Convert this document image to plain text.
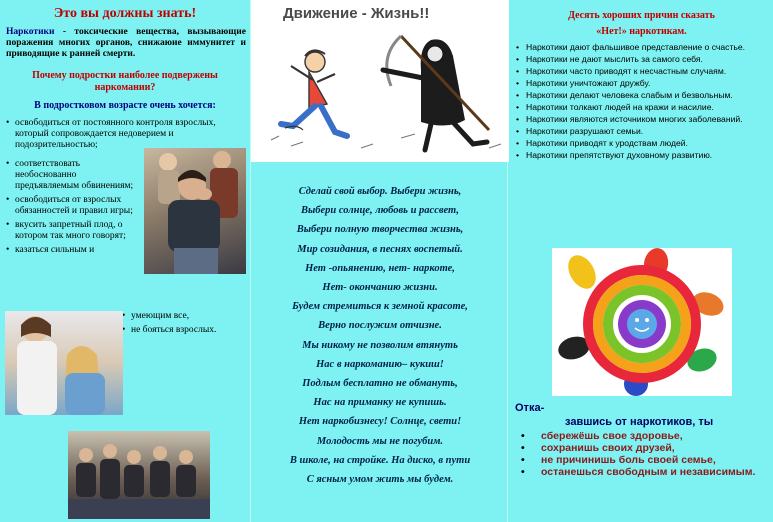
Это вы должны знать!
Наркотики - токсические вещества, вызывающие поражения многих органов, снижаюие иммунитет и приводящие к ранней смерти.
Почему подростки наиболее подвержены наркомании?
В подростковом возрасте очень хочется:
• освободиться от постоянного контроля взрослых, который сопровождается недоверием и подозрительностью;
• соответствовать необоснованно предъявляемым обвинениям;
• освободиться от взрослых обязанностей и правил игры;
• вкусить запретный плод, о котором так много говорят;
• казаться сильным и
• умеющим все,
• не бояться взрослых.
Движение - Жизнь!!
Сделай свой выбор. Выбери жизнь,
Выбери солнце, любовь и рассвет,
Выбери полную творчества жизнь,
Мир созидания, в песнях воспетый.
Нет -опьянению, нет- наркоте,
Нет- окончанию жизни.
Будем стремиться к земной красоте,
Верно послужим отчизне.
Мы никому не позволим втянуть
Нас в наркоманию– кукиш!
Подлым бесплатно не обмануть,
Нас на приманку не купишь.
Нет наркобизнесу! Солнце, свети!
Молодость мы не погубим.
В школе, на стройке. На диско, в пути
С ясным умом жить мы будем.
Десять хороших причин сказать
«Нет!» наркотикам.
• Наркотики дают фальшивое представление о счастье.
• Наркотики не дают мыслить за самого себя.
• Наркотики часто приводят к несчастным случаям.
• Наркотики уничтожают дружбу.
• Наркотики делают человека слабым и безвольным.
• Наркотики толкают людей на кражи и насилие.
• Наркотики являются источником многих заболеваний.
• Наркотики разрушают семьи.
• Наркотики приводят к уродствам людей.
• Наркотики препятствуют духовному развитию.
Отка-
завшись от наркотиков, ты
• сбережёшь свое здоровье,
• сохранишь своих друзей,
• не причинишь боль своей семье,
• останешься свободным и независимым.
